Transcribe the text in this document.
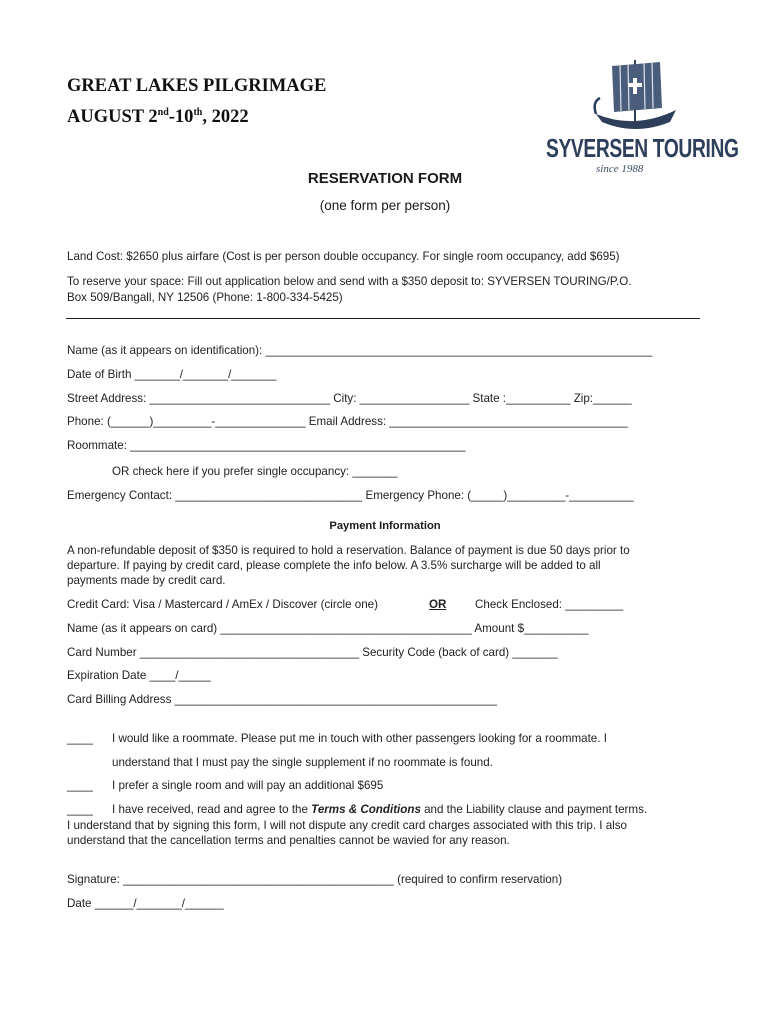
GREAT LAKES PILGRIMAGE
AUGUST 2nd-10th, 2022
SYVERSEN TOURING
since 1988
RESERVATION FORM
(one form per person)
Land Cost: $2650 plus airfare (Cost is per person double occupancy. For single room occupancy, add $695)
To reserve your space: Fill out application below and send with a $350 deposit to: SYVERSEN TOURING/P.O.
Box 509/Bangall, NY 12506 (Phone: 1-800-334-5425)
Name (as it appears on identification): ____________________________________________________________
Date of Birth _______/_______/_______
Street Address: ____________________________ City: _________________ State :__________ Zip:______
Phone: (______)_________-______________ Email Address: _____________________________________
Roommate: ____________________________________________________
OR check here if you prefer single occupancy: _______
Emergency Contact: _____________________________ Emergency Phone: (_____)_________-__________
Payment Information
A non-refundable deposit of $350 is required to hold a reservation. Balance of payment is due 50 days prior to
departure. If paying by credit card, please complete the info below. A 3.5% surcharge will be added to all
payments made by credit card.
Credit Card: Visa / Mastercard / AmEx / Discover (circle one)	OR Check Enclosed: _________
Name (as it appears on card) _______________________________________ Amount $__________
Card Number __________________________________ Security Code (back of card) _______
Expiration Date ____/_____
Card Billing Address __________________________________________________
____ I would like a roommate. Please put me in touch with other passengers looking for a roommate. I
understand that I must pay the single supplement if no roommate is found.
____ I prefer a single room and will pay an additional $695
____ I have received, read and agree to the Terms & Conditions and the Liability clause and payment terms.
I understand that by signing this form, I will not dispute any credit card charges associated with this trip. I also
understand that the cancellation terms and penalties cannot be wavied for any reason.
Signature: __________________________________________ (required to confirm reservation)
Date ______/_______/______
